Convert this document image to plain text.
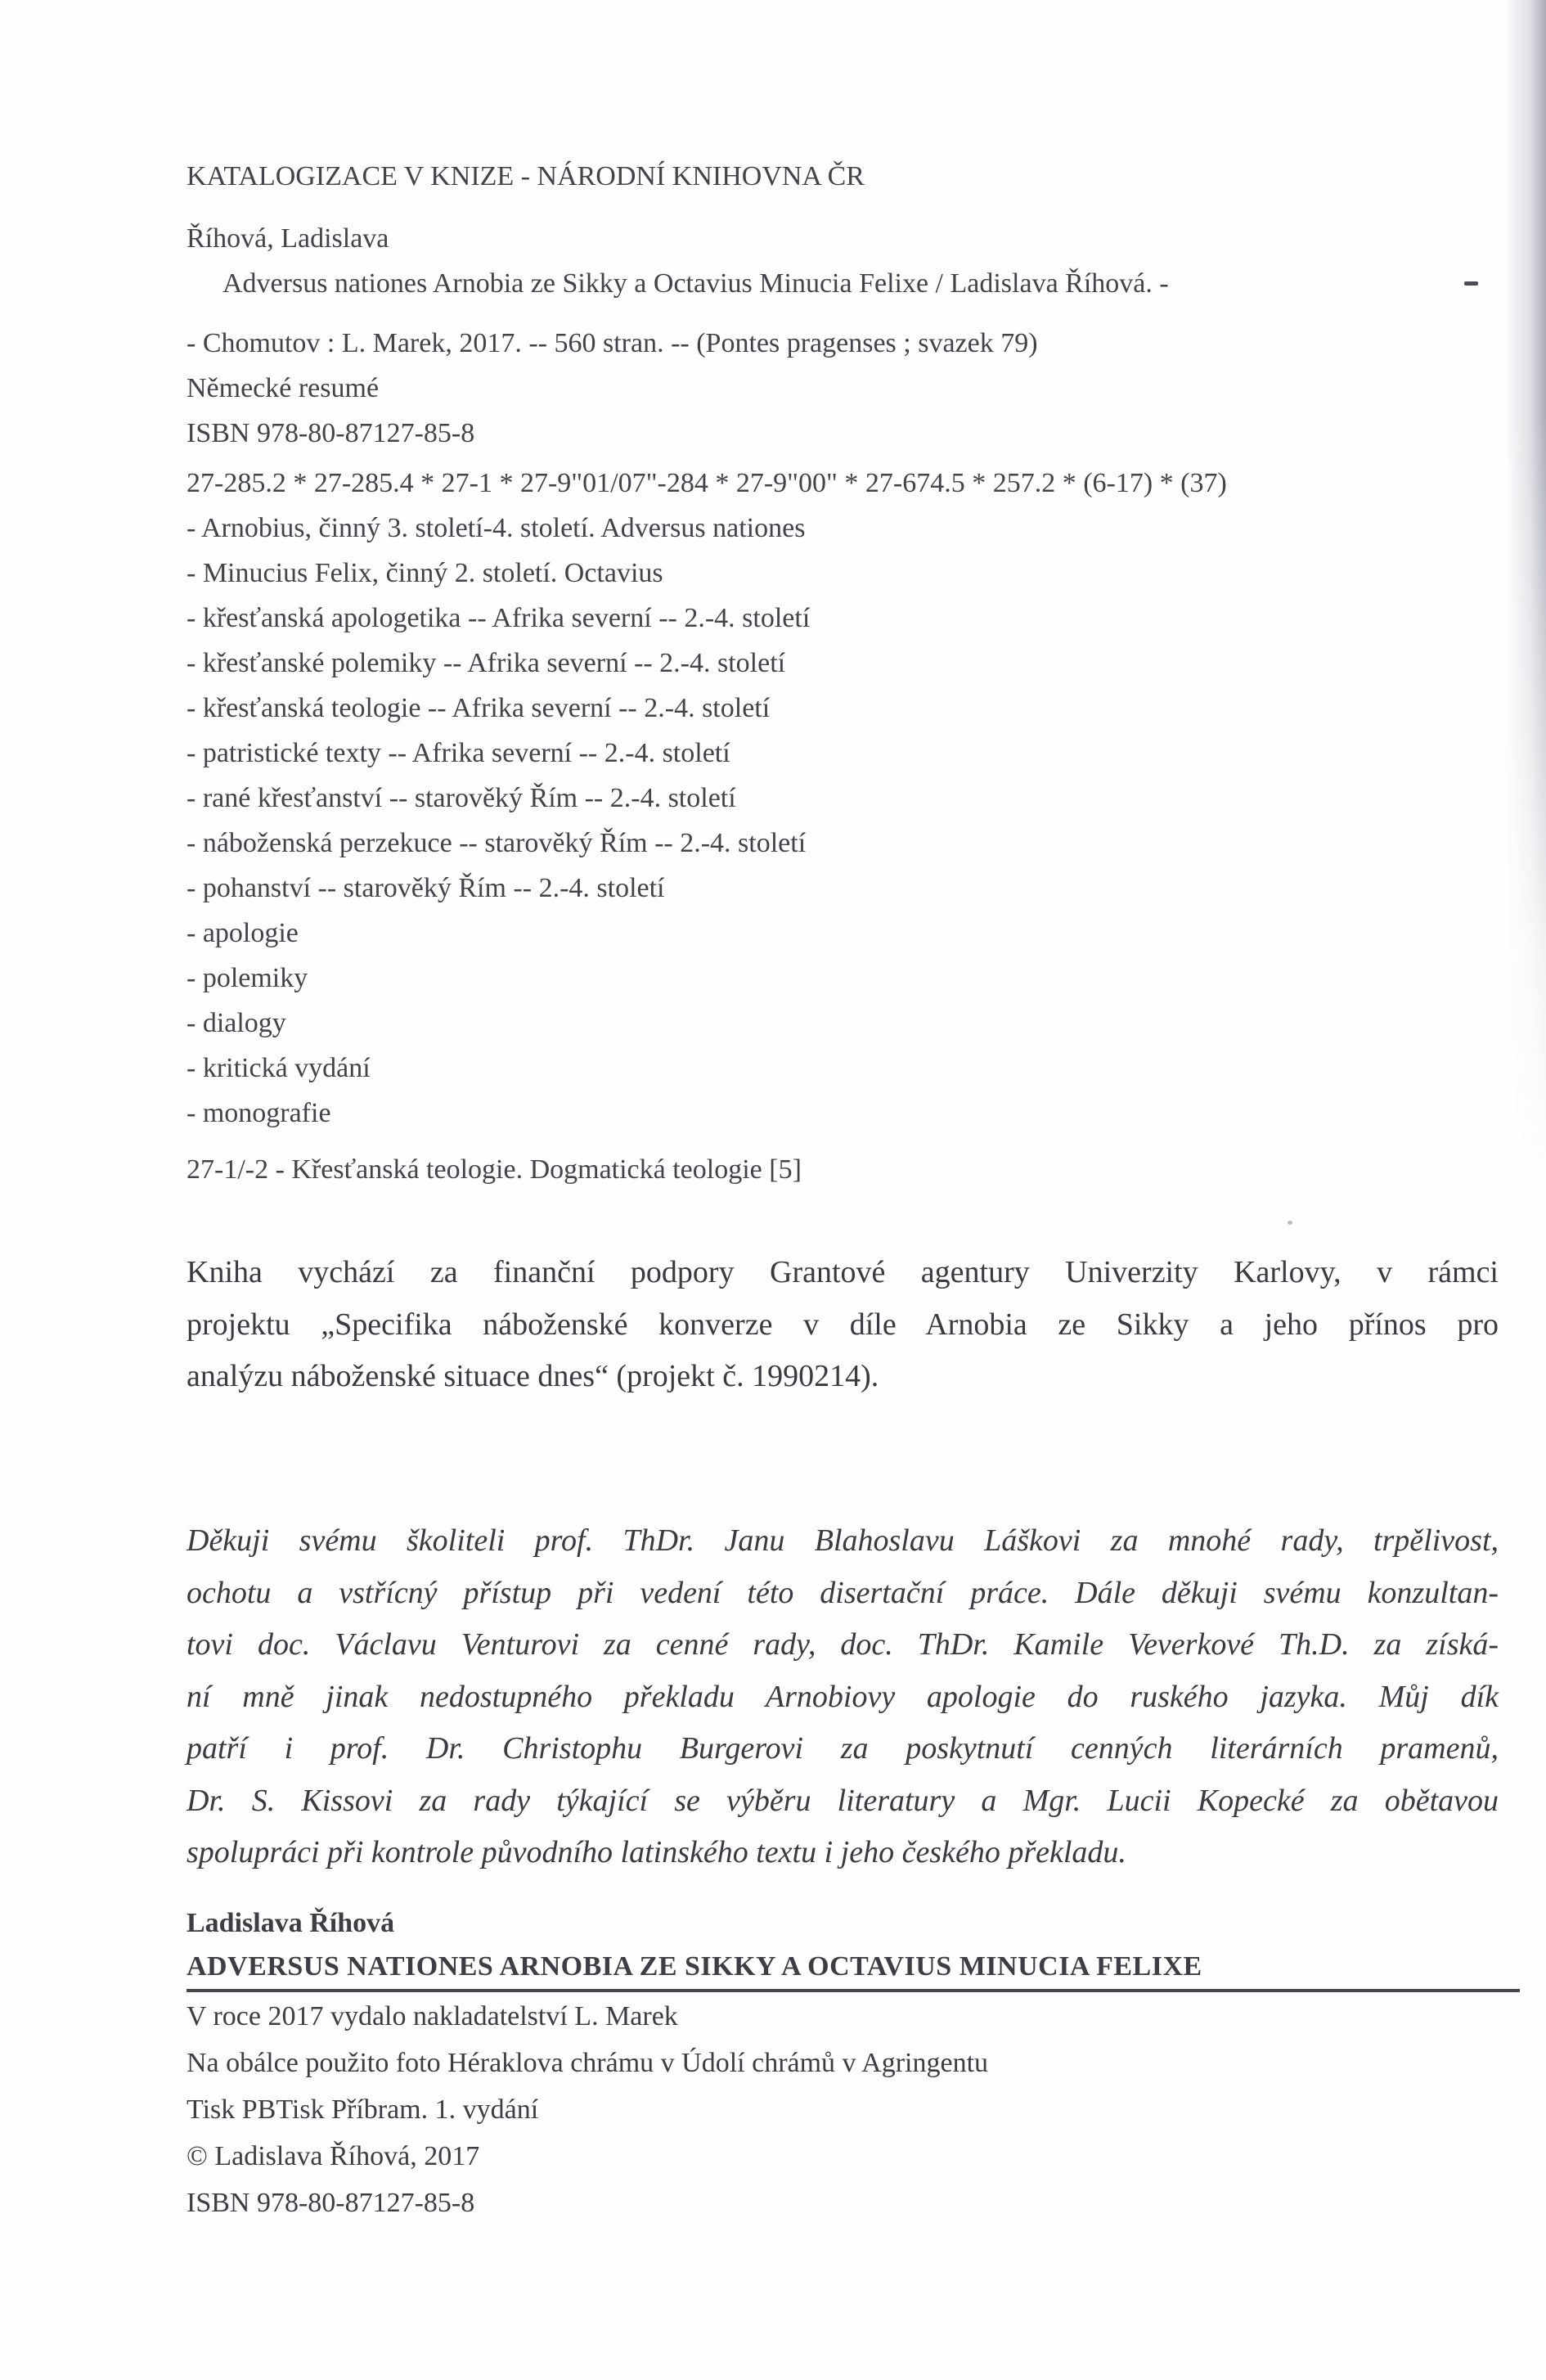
KATALOGIZACE V KNIZE - NÁRODNÍ KNIHOVNA ČR
Říhová, Ladislava
Adversus nationes Arnobia ze Sikky a Octavius Minucia Felixe / Ladislava Říhová. -
- Chomutov : L. Marek, 2017. -- 560 stran. -- (Pontes pragenses ; svazek 79)
Německé resumé
ISBN 978-80-87127-85-8
27-285.2 * 27-285.4 * 27-1 * 27-9"01/07"-284 * 27-9"00" * 27-674.5 * 257.2 * (6-17) * (37)
- Arnobius, činný 3. století-4. století. Adversus nationes
- Minucius Felix, činný 2. století. Octavius
- křesťanská apologetika -- Afrika severní -- 2.-4. století
- křesťanské polemiky -- Afrika severní -- 2.-4. století
- křesťanská teologie -- Afrika severní -- 2.-4. století
- patristické texty -- Afrika severní -- 2.-4. století
- rané křesťanství -- starověký Řím -- 2.-4. století
- náboženská perzekuce -- starověký Řím -- 2.-4. století
- pohanství -- starověký Řím -- 2.-4. století
- apologie
- polemiky
- dialogy
- kritická vydání
- monografie
27-1/-2 - Křesťanská teologie. Dogmatická teologie [5]
Kniha vychází za finanční podpory Grantové agentury Univerzity Karlovy, v rámci
projektu „Specifika náboženské konverze v díle Arnobia ze Sikky a jeho přínos pro
analýzu náboženské situace dnes“ (projekt č. 1990214).
Děkuji svému školiteli prof. ThDr. Janu Blahoslavu Láškovi za mnohé rady, trpělivost,
ochotu a vstřícný přístup při vedení této disertační práce. Dále děkuji svému konzultan-
tovi doc. Václavu Venturovi za cenné rady, doc. ThDr. Kamile Veverkové Th.D. za získá-
ní mně jinak nedostupného překladu Arnobiovy apologie do ruského jazyka. Můj dík
patří i prof. Dr. Christophu Burgerovi za poskytnutí cenných literárních pramenů,
Dr. S. Kissovi za rady týkající se výběru literatury a Mgr. Lucii Kopecké za obětavou
spolupráci při kontrole původního latinského textu i jeho českého překladu.
Ladislava Říhová
ADVERSUS NATIONES ARNOBIA ZE SIKKY A OCTAVIUS MINUCIA FELIXE
V roce 2017 vydalo nakladatelství L. Marek
Na obálce použito foto Héraklova chrámu v Údolí chrámů v Agringentu
Tisk PBTisk Příbram. 1. vydání
© Ladislava Říhová, 2017
ISBN 978-80-87127-85-8
